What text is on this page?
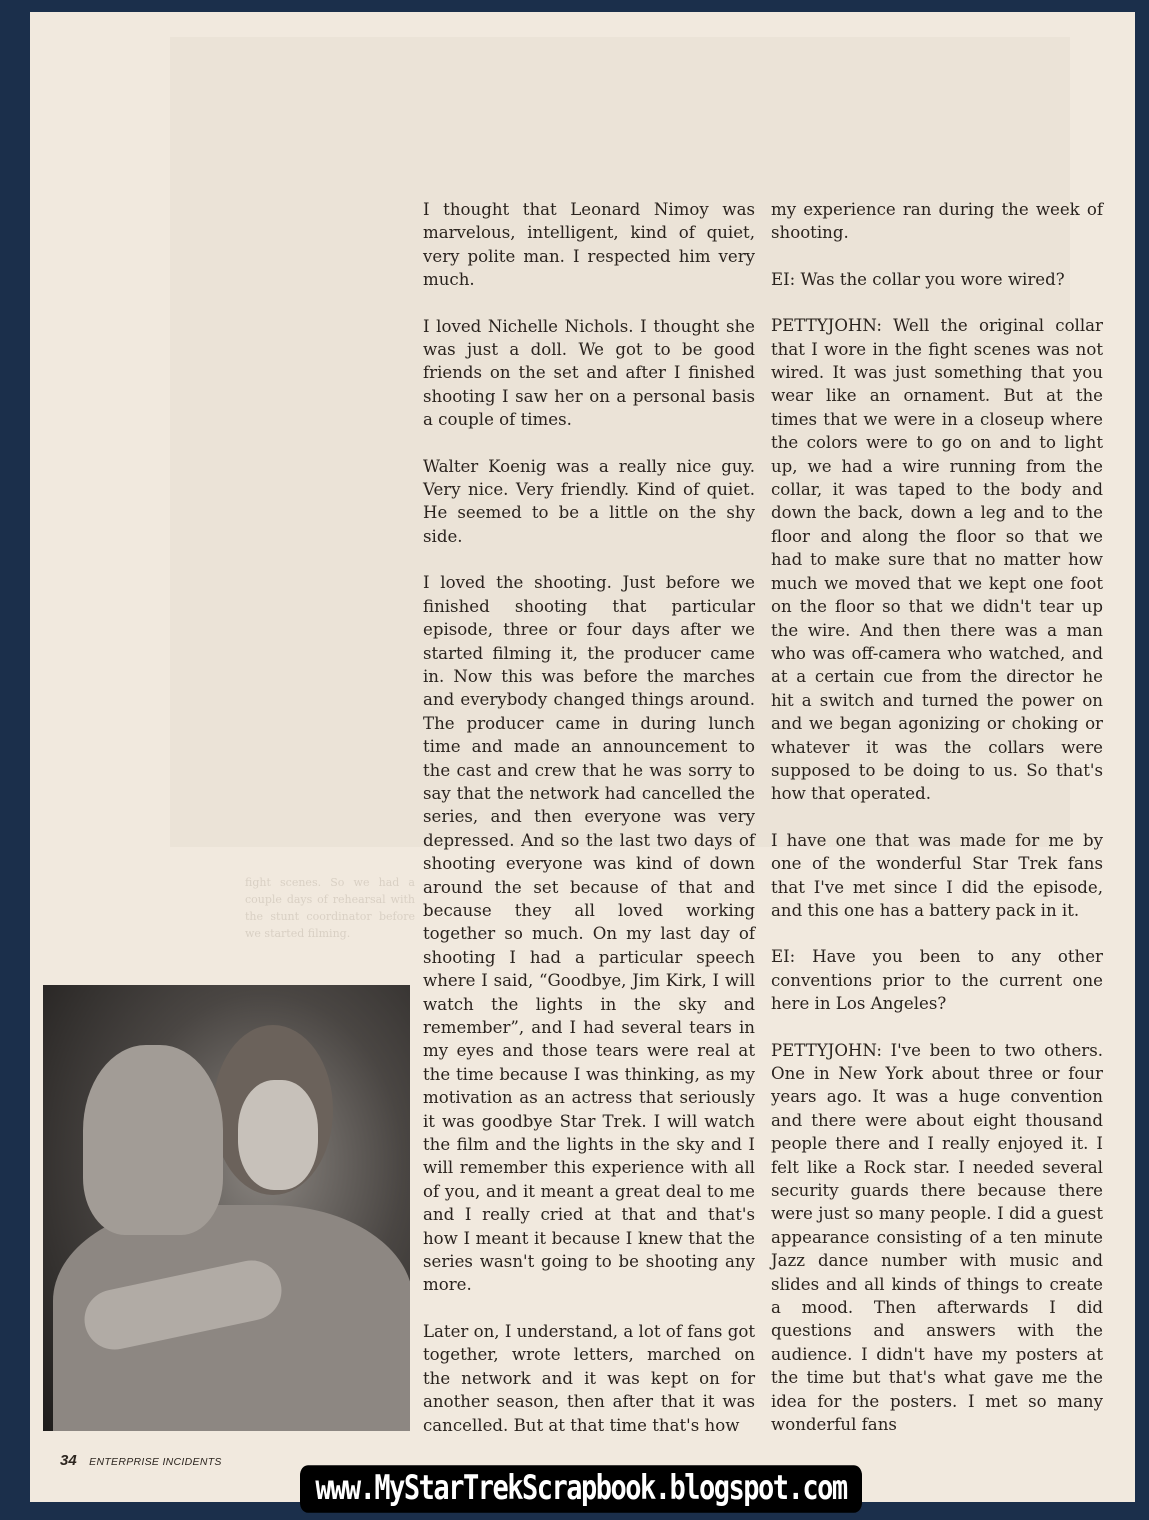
fight scenes. So we had a couple days of rehearsal with the stunt coordinator before we started filming.

I thought that Leonard Nimoy was marvelous, intelligent, kind of quiet, very polite man. I respected him very much.

I loved Nichelle Nichols. I thought she was just a doll. We got to be good friends on the set and after I finished shooting I saw her on a personal basis a couple of times.

Walter Koenig was a really nice guy. Very nice. Very friendly. Kind of quiet. He seemed to be a little on the shy side.

I loved the shooting. Just before we finished shooting that particular episode, three or four days after we started filming it, the producer came in. Now this was before the marches and everybody changed things around. The producer came in during lunch time and made an announcement to the cast and crew that he was sorry to say that the network had cancelled the series, and then everyone was very depressed. And so the last two days of shooting everyone was kind of down around the set because of that and because they all loved working together so much. On my last day of shooting I had a particular speech where I said, “Goodbye, Jim Kirk, I will watch the lights in the sky and remember”, and I had several tears in my eyes and those tears were real at the time because I was thinking, as my motivation as an actress that seriously it was goodbye Star Trek. I will watch the film and the lights in the sky and I will remember this experience with all of you, and it meant a great deal to me and I really cried at that and that's how I meant it because I knew that the series wasn't going to be shooting any more.

Later on, I understand, a lot of fans got together, wrote letters, marched on the network and it was kept on for another season, then after that it was cancelled. But at that time that's how

my experience ran during the week of shooting.

EI: Was the collar you wore wired?

PETTYJOHN: Well the original collar that I wore in the fight scenes was not wired. It was just something that you wear like an ornament. But at the times that we were in a closeup where the colors were to go on and to light up, we had a wire running from the collar, it was taped to the body and down the back, down a leg and to the floor and along the floor so that we had to make sure that no matter how much we moved that we kept one foot on the floor so that we didn't tear up the wire. And then there was a man who was off-camera who watched, and at a certain cue from the director he hit a switch and turned the power on and we began agonizing or choking or whatever it was the collars were supposed to be doing to us. So that's how that operated.

I have one that was made for me by one of the wonderful Star Trek fans that I've met since I did the episode, and this one has a battery pack in it.

EI: Have you been to any other conventions prior to the current one here in Los Angeles?

PETTYJOHN: I've been to two others. One in New York about three or four years ago. It was a huge convention and there were about eight thousand people there and I really enjoyed it. I felt like a Rock star. I needed several security guards there because there were just so many people. I did a guest appearance consisting of a ten minute Jazz dance number with music and slides and all kinds of things to create a mood. Then afterwards I did questions and answers with the audience. I didn't have my posters at the time but that's what gave me the idea for the posters. I met so many wonderful fans

34 ENTERPRISE INCIDENTS
www.MyStarTrekScrapbook.blogspot.com
